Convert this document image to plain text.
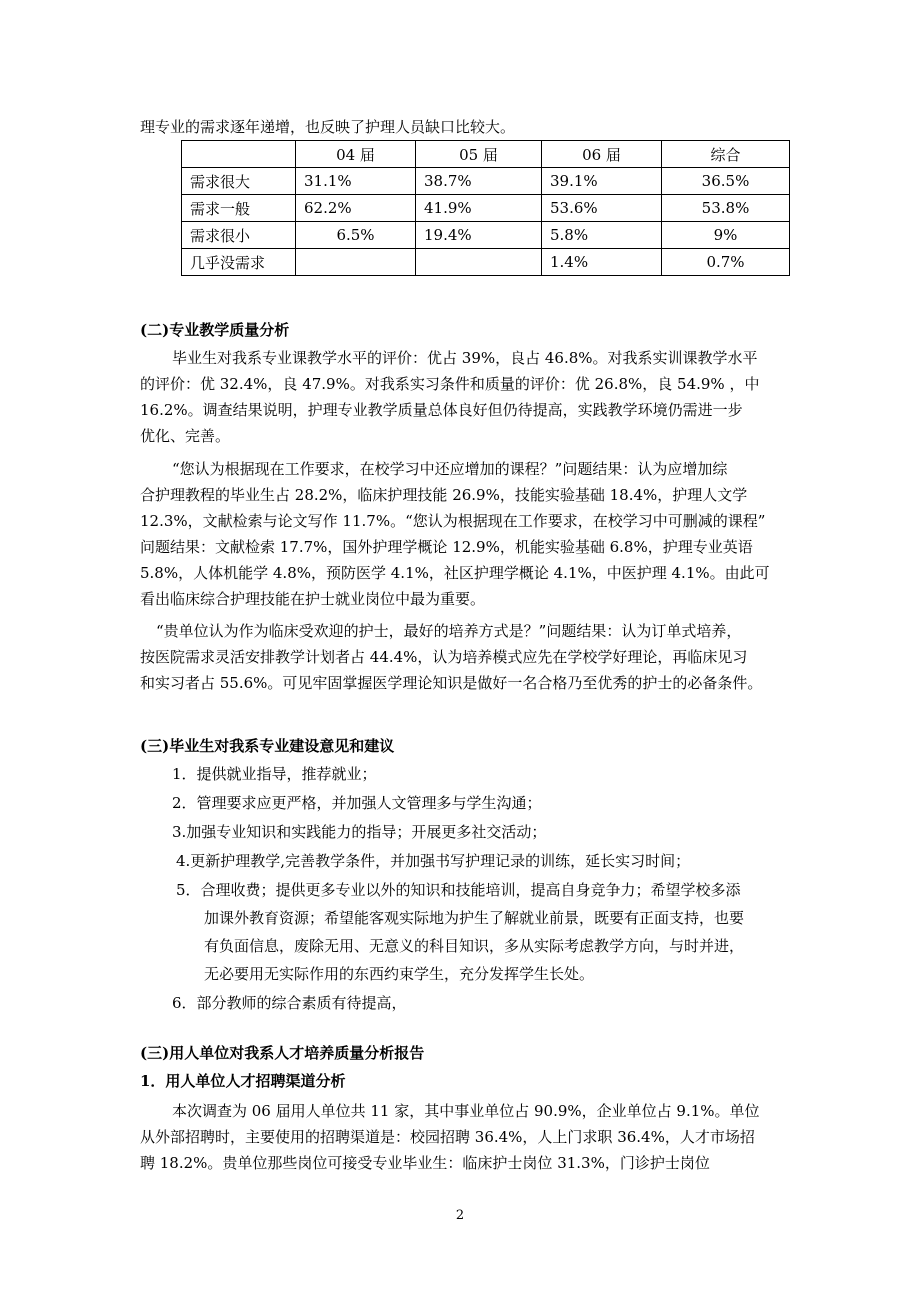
理专业的需求逐年递增，也反映了护理人员缺口比较大。

	04 届	05 届	06 届	综合
需求很大	31.1%	38.7%	39.1%	36.5%
需求一般	62.2%	41.9%	53.6%	53.8%
需求很小	6.5%	19.4%	5.8%	9%
几乎没需求			1.4%	0.7%

(二)专业教学质量分析

毕业生对我系专业课教学水平的评价：优占 39%，良占 46.8%。对我系实训课教学水平

的评价：优 32.4%，良 47.9%。对我系实习条件和质量的评价：优 26.8%，良 54.9% ，中

16.2%。调查结果说明，护理专业教学质量总体良好但仍待提高，实践教学环境仍需进一步

优化、完善。

“您认为根据现在工作要求，在校学习中还应增加的课程？”问题结果：认为应增加综

合护理教程的毕业生占 28.2%，临床护理技能 26.9%，技能实验基础 18.4%，护理人文学

12.3%，文献检索与论文写作 11.7%。“您认为根据现在工作要求，在校学习中可删减的课程”

问题结果：文献检索 17.7%，国外护理学概论 12.9%，机能实验基础 6.8%，护理专业英语

5.8%，人体机能学 4.8%，预防医学 4.1%，社区护理学概论 4.1%，中医护理 4.1%。由此可

看出临床综合护理技能在护士就业岗位中最为重要。

“贵单位认为作为临床受欢迎的护士，最好的培养方式是？”问题结果：认为订单式培养，

按医院需求灵活安排教学计划者占 44.4%，认为培养模式应先在学校学好理论，再临床见习

和实习者占 55.6%。可见牢固掌握医学理论知识是做好一名合格乃至优秀的护士的必备条件。

(三)毕业生对我系专业建设意见和建议

1．提供就业指导，推荐就业；

2．管理要求应更严格，并加强人文管理多与学生沟通；

3.加强专业知识和实践能力的指导；开展更多社交活动；

4.更新护理教学,完善教学条件，并加强书写护理记录的训练，延长实习时间；

5．合理收费；提供更多专业以外的知识和技能培训，提高自身竞争力；希望学校多添

加课外教育资源；希望能客观实际地为护生了解就业前景，既要有正面支持，也要

有负面信息，废除无用、无意义的科目知识，多从实际考虑教学方向，与时并进，

无必要用无实际作用的东西约束学生，充分发挥学生长处。

6．部分教师的综合素质有待提高，

(三)用人单位对我系人才培养质量分析报告

1．用人单位人才招聘渠道分析

本次调查为 06 届用人单位共 11 家，其中事业单位占 90.9%，企业单位占 9.1%。单位

从外部招聘时，主要使用的招聘渠道是：校园招聘 36.4%，人上门求职 36.4%，人才市场招

聘 18.2%。贵单位那些岗位可接受专业毕业生：临床护士岗位 31.3%，门诊护士岗位

2
